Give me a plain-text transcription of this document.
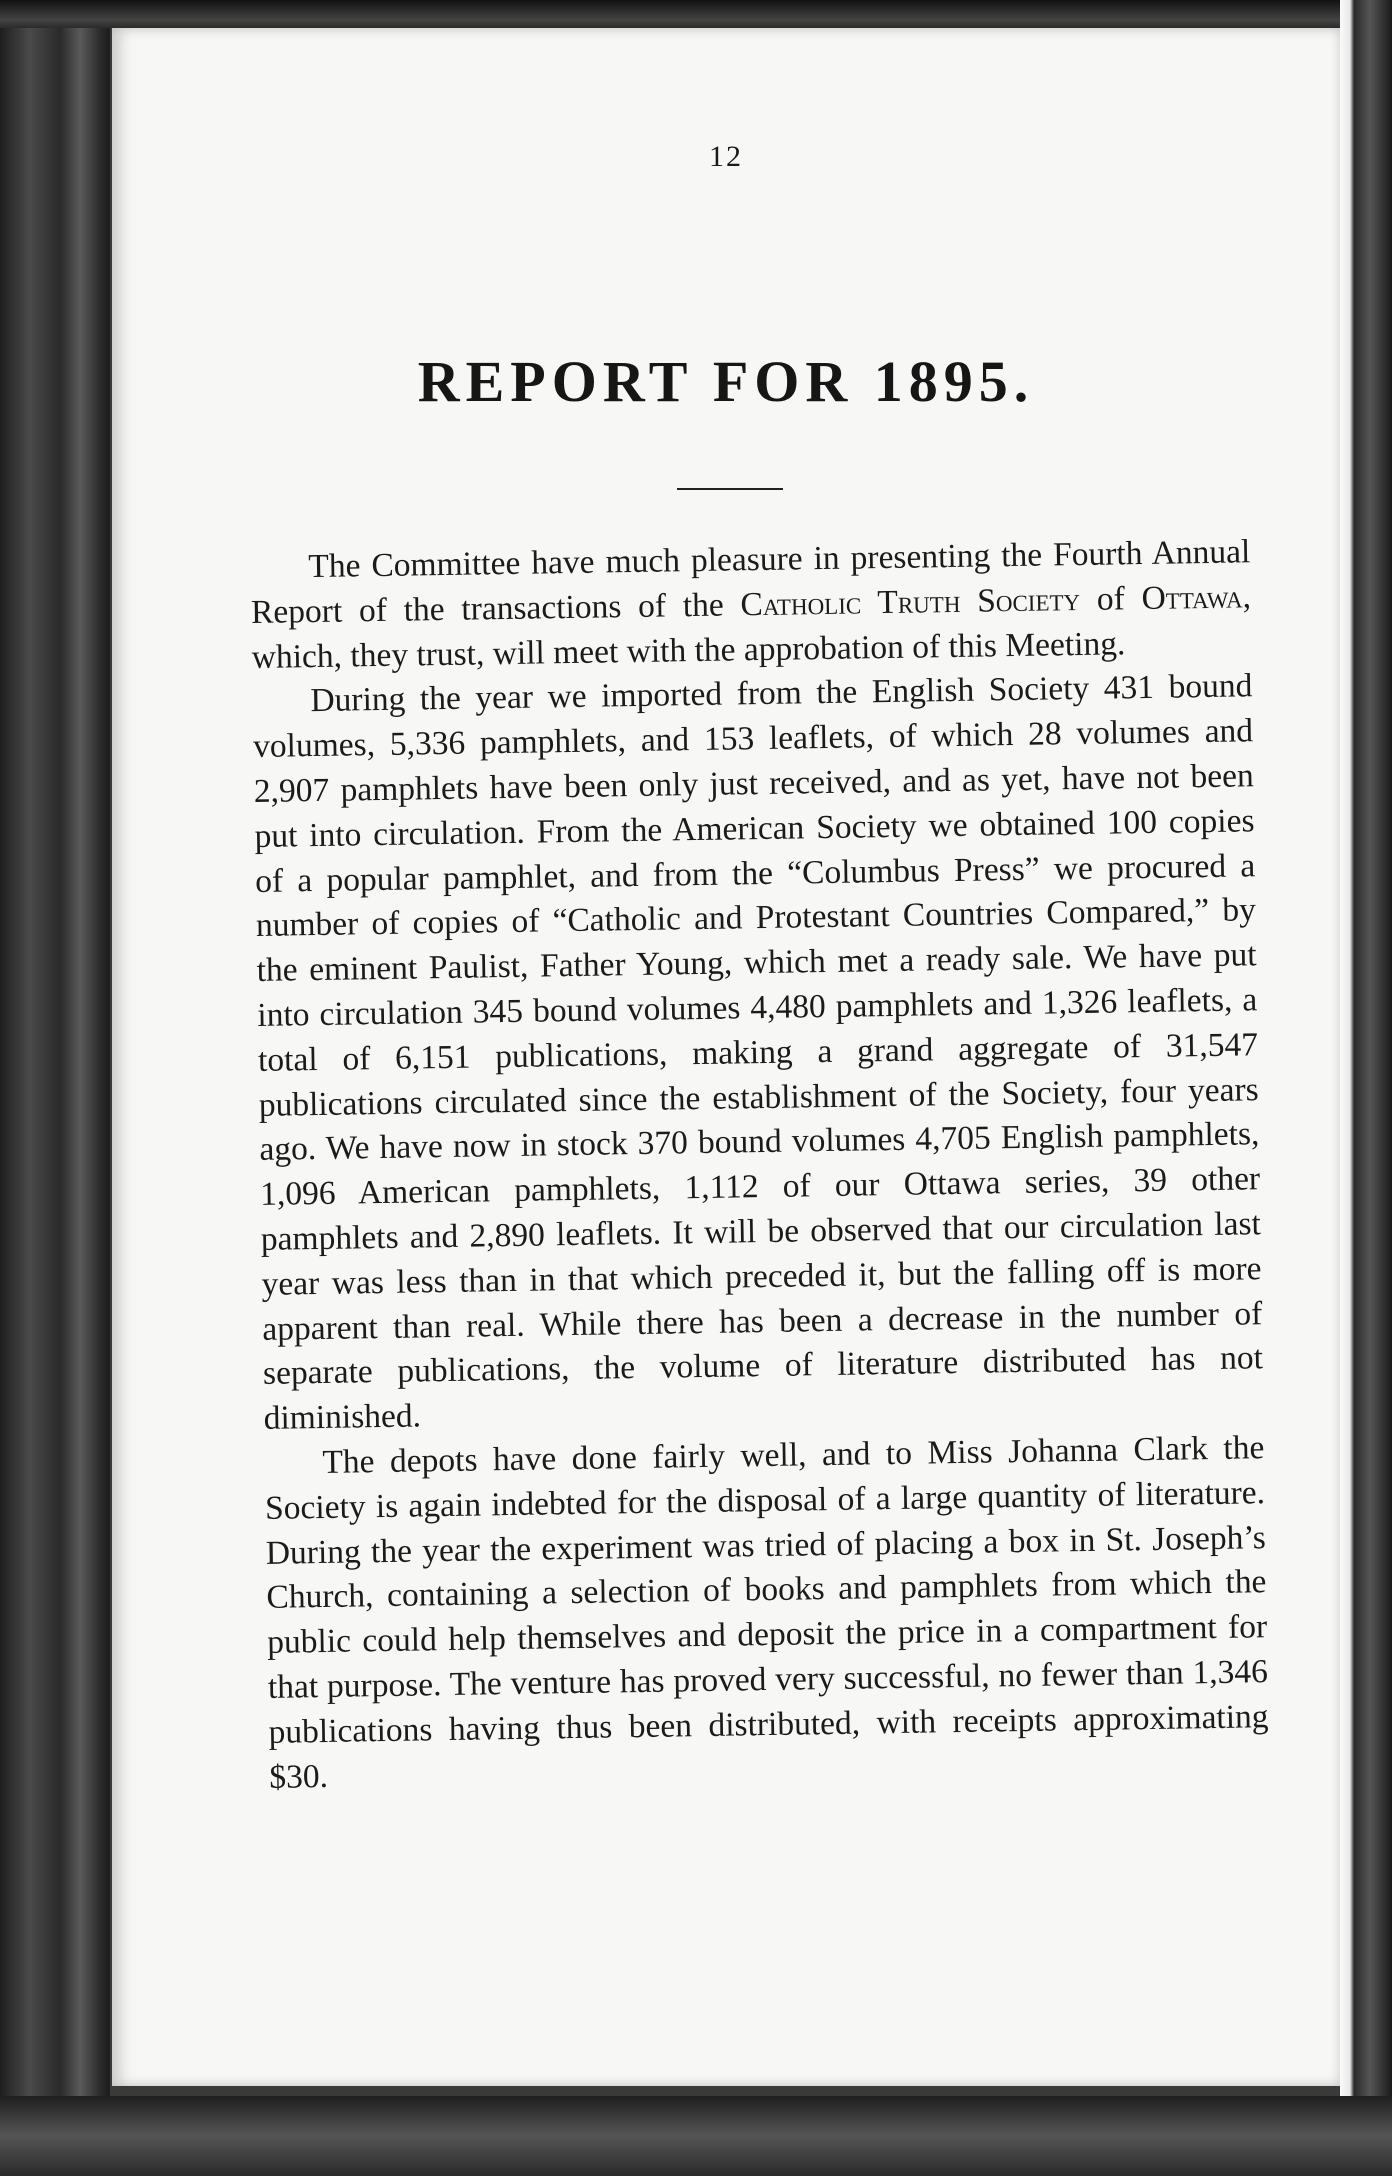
12
REPORT FOR 1895.

The Committee have much pleasure in presenting the Fourth Annual Report of the transactions of the Catholic Truth Society of Ottawa, which, they trust, will meet with the approbation of this Meeting.

During the year we imported from the English Society 431 bound volumes, 5,336 pamphlets, and 153 leaflets, of which 28 volumes and 2,907 pamphlets have been only just received, and as yet, have not been put into circulation. From the American Society we obtained 100 copies of a popular pamphlet, and from the “Columbus Press” we procured a number of copies of “Catholic and Protestant Countries Compared,” by the eminent Paulist, Father Young, which met a ready sale. We have put into circulation 345 bound volumes 4,480 pamphlets and 1,326 leaflets, a total of 6,151 publications, making a grand aggregate of 31,547 publications circulated since the establishment of the Society, four years ago. We have now in stock 370 bound volumes 4,705 English pamphlets, 1,096 American pamphlets, 1,112 of our Ottawa series, 39 other pamphlets and 2,890 leaflets. It will be observed that our circulation last year was less than in that which preceded it, but the falling off is more apparent than real. While there has been a decrease in the number of separate publications, the volume of literature distributed has not diminished.

The depots have done fairly well, and to Miss Johanna Clark the Society is again indebted for the disposal of a large quantity of literature. During the year the experiment was tried of placing a box in St. Joseph’s Church, containing a selection of books and pamphlets from which the public could help themselves and deposit the price in a compartment for that purpose. The venture has proved very successful, no fewer than 1,346 publications having thus been distributed, with receipts approximating $30.
